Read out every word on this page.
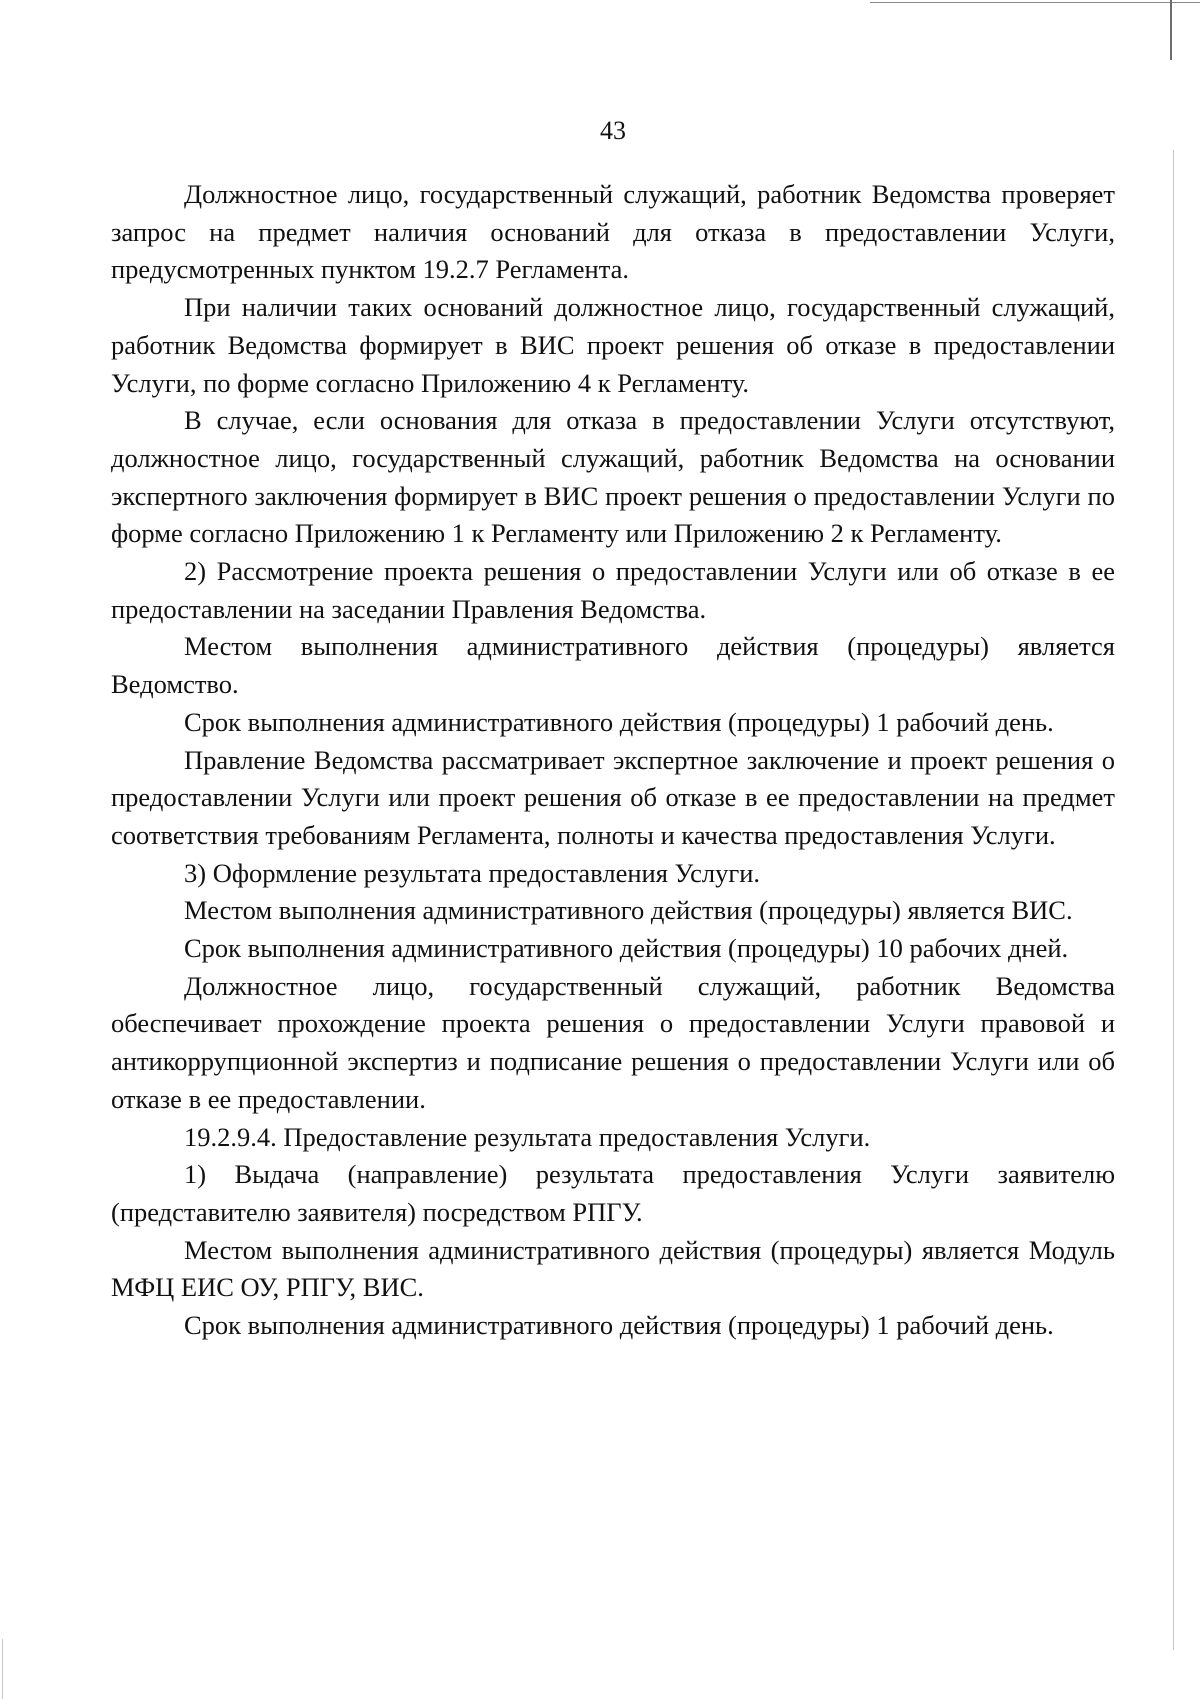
43

Должностное лицо, государственный служащий, работник Ведомства проверяет запрос на предмет наличия оснований для отказа в предоставлении Услуги, предусмотренных пунктом 19.2.7 Регламента.

При наличии таких оснований должностное лицо, государственный служащий, работник Ведомства формирует в ВИС проект решения об отказе в предоставлении Услуги, по форме согласно Приложению 4 к Регламенту.

В случае, если основания для отказа в предоставлении Услуги отсутствуют, должностное лицо, государственный служащий, работник Ведомства на основании экспертного заключения формирует в ВИС проект решения о предоставлении Услуги по форме согласно Приложению 1 к Регламенту или Приложению 2 к Регламенту.

2) Рассмотрение проекта решения о предоставлении Услуги или об отказе в ее предоставлении на заседании Правления Ведомства.

Местом выполнения административного действия (процедуры) является Ведомство.

Срок выполнения административного действия (процедуры) 1 рабочий день.

Правление Ведомства рассматривает экспертное заключение и проект решения о предоставлении Услуги или проект решения об отказе в ее предоставлении на предмет соответствия требованиям Регламента, полноты и качества предоставления Услуги.

3) Оформление результата предоставления Услуги.

Местом выполнения административного действия (процедуры) является ВИС.

Срок выполнения административного действия (процедуры) 10 рабочих дней.

Должностное лицо, государственный служащий, работник Ведомства обеспечивает прохождение проекта решения о предоставлении Услуги правовой и антикоррупционной экспертиз и подписание решения о предоставлении Услуги или об отказе в ее предоставлении.

19.2.9.4. Предоставление результата предоставления Услуги.

1) Выдача (направление) результата предоставления Услуги заявителю (представителю заявителя) посредством РПГУ.

Местом выполнения административного действия (процедуры) является Модуль МФЦ ЕИС ОУ, РПГУ, ВИС.

Срок выполнения административного действия (процедуры) 1 рабочий день.
